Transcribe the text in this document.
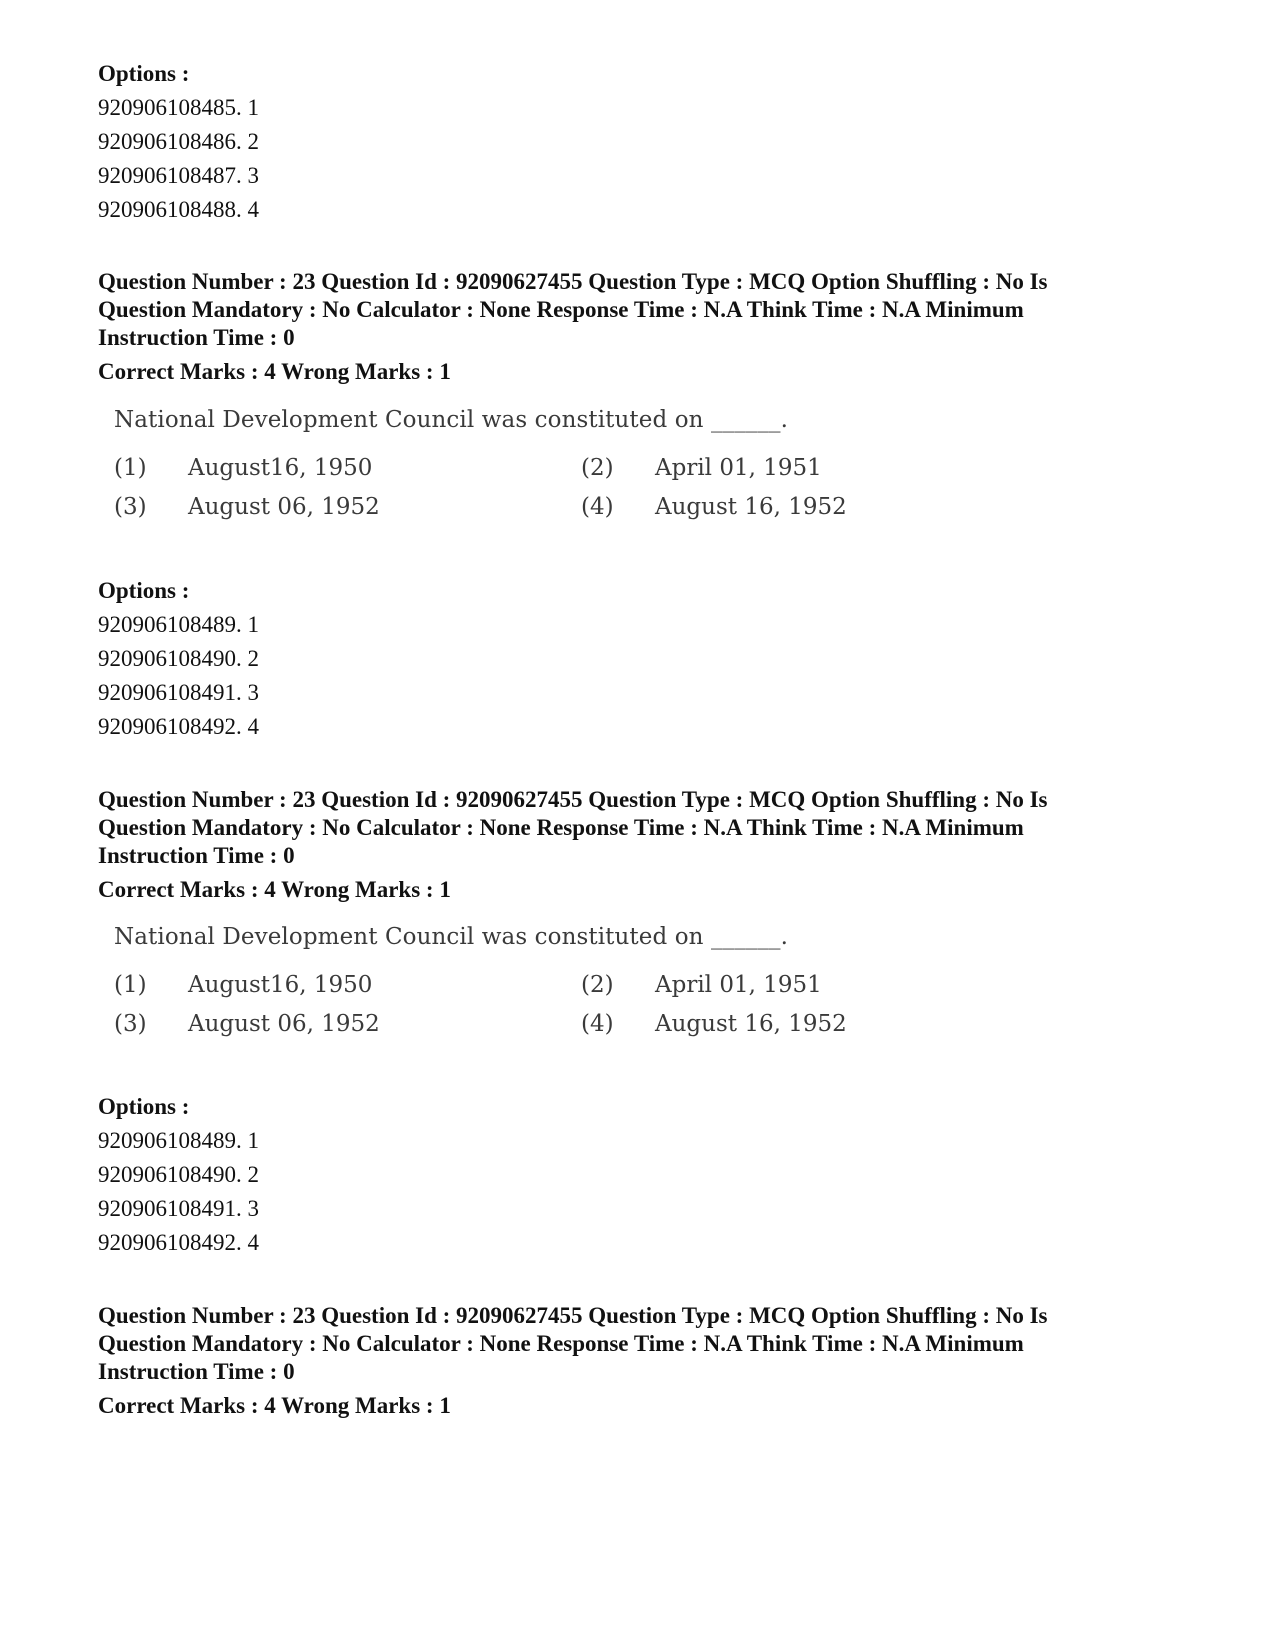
Options :
920906108485. 1
920906108486. 2
920906108487. 3
920906108488. 4
Question Number : 23 Question Id : 92090627455 Question Type : MCQ Option Shuffling : No Is
Question Mandatory : No Calculator : None Response Time : N.A Think Time : N.A Minimum
Instruction Time : 0
Correct Marks : 4 Wrong Marks : 1
National Development Council was constituted on ______.
(1) August16, 1950	(2) April 01, 1951
(3) August 06, 1952	(4) August 16, 1952
Options :
920906108489. 1
920906108490. 2
920906108491. 3
920906108492. 4
Question Number : 23 Question Id : 92090627455 Question Type : MCQ Option Shuffling : No Is
Question Mandatory : No Calculator : None Response Time : N.A Think Time : N.A Minimum
Instruction Time : 0
Correct Marks : 4 Wrong Marks : 1
National Development Council was constituted on ______.
(1) August16, 1950	(2) April 01, 1951
(3) August 06, 1952	(4) August 16, 1952
Options :
920906108489. 1
920906108490. 2
920906108491. 3
920906108492. 4
Question Number : 23 Question Id : 92090627455 Question Type : MCQ Option Shuffling : No Is
Question Mandatory : No Calculator : None Response Time : N.A Think Time : N.A Minimum
Instruction Time : 0
Correct Marks : 4 Wrong Marks : 1
